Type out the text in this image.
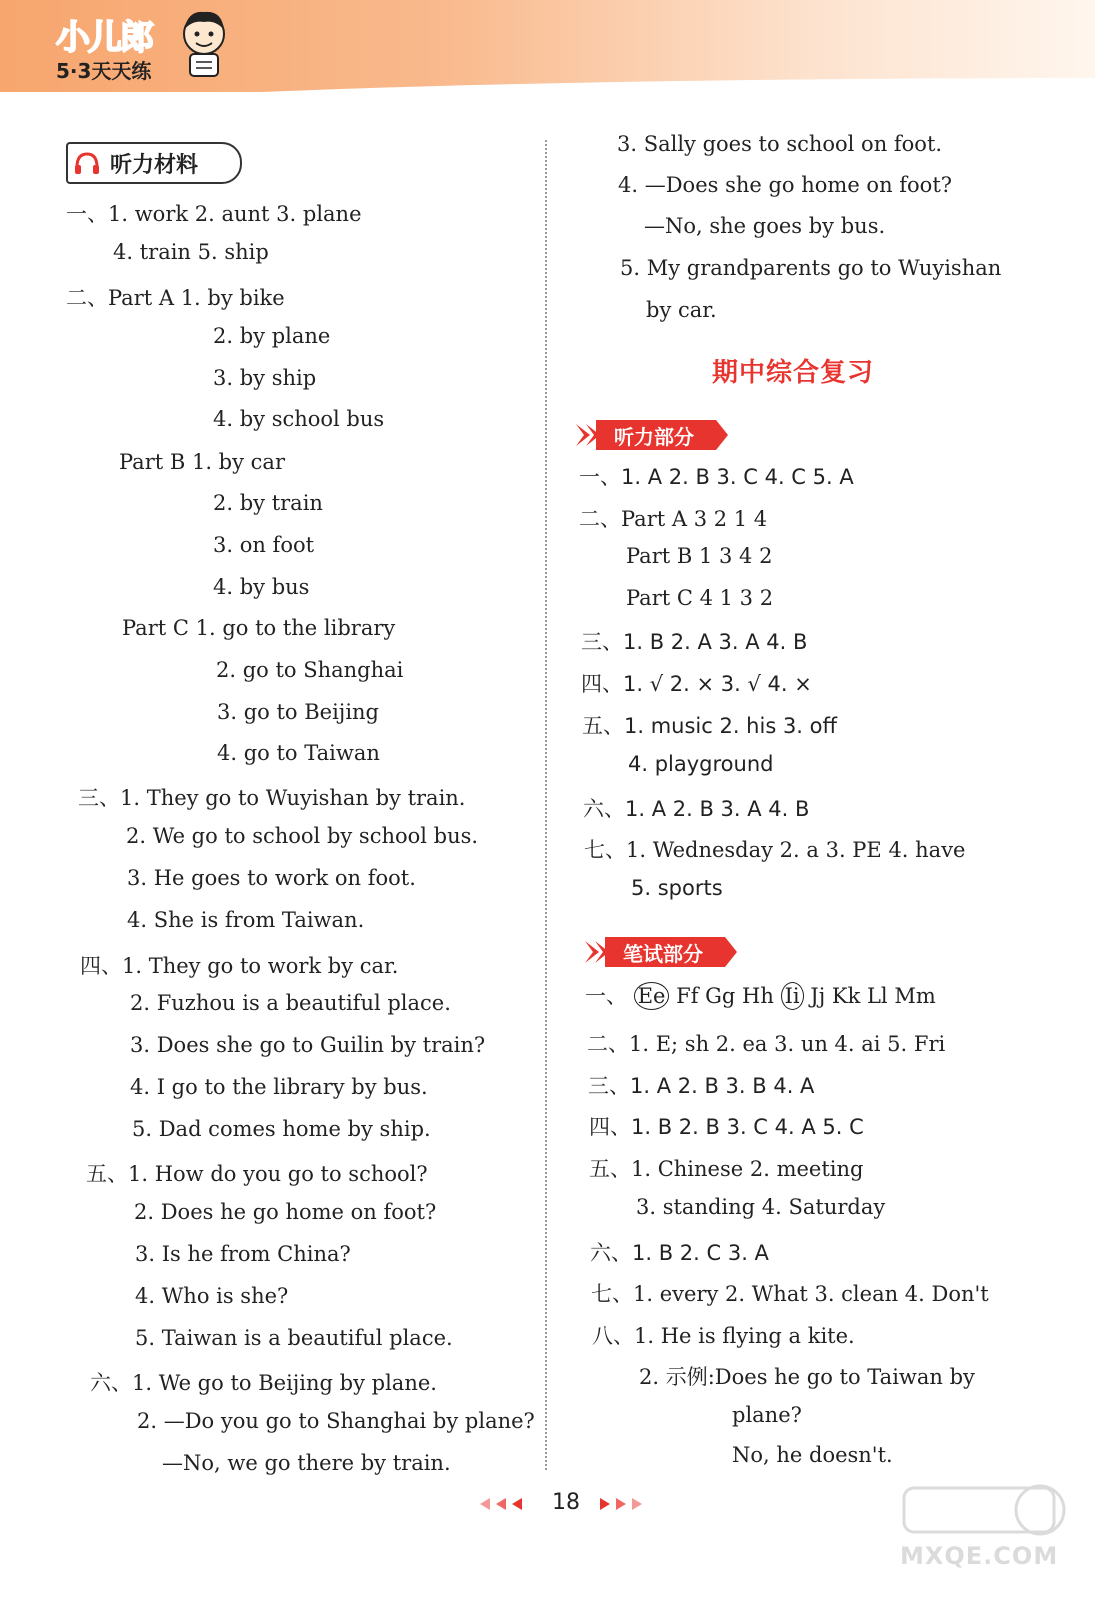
小儿郎
5·3天天练
听力材料
一、1. work 2. aunt 3. plane
4. train 5. ship
二、Part A 1. by bike
2. by plane
3. by ship
4. by school bus
Part B 1. by car
2. by train
3. on foot
4. by bus
Part C 1. go to the library
2. go to Shanghai
3. go to Beijing
4. go to Taiwan
三、1. They go to Wuyishan by train.
2. We go to school by school bus.
3. He goes to work on foot.
4. She is from Taiwan.
四、1. They go to work by car.
2. Fuzhou is a beautiful place.
3. Does she go to Guilin by train?
4. I go to the library by bus.
5. Dad comes home by ship.
五、1. How do you go to school?
2. Does he go home on foot?
3. Is he from China?
4. Who is she?
5. Taiwan is a beautiful place.
六、1. We go to Beijing by plane.
2. —Do you go to Shanghai by plane?
—No, we go there by train.
3. Sally goes to school on foot.
4. —Does she go home on foot?
—No, she goes by bus.
5. My grandparents go to Wuyishan
by car.
期中综合复习
听力部分
一、1. A 2. B 3. C 4. C 5. A
二、Part A 3 2 1 4
Part B 1 3 4 2
Part C 4 1 3 2
三、1. B 2. A 3. A 4. B
四、1. √ 2. × 3. √ 4. ×
五、1. music 2. his 3. off
4. playground
六、1. A 2. B 3. A 4. B
七、1. Wednesday 2. a 3. PE 4. have
5. sports
笔试部分
一、 Ee Ff Gg Hh Ii Jj Kk Ll Mm
二、1. E; sh 2. ea 3. un 4. ai 5. Fri
三、1. A 2. B 3. B 4. A
四、1. B 2. B 3. C 4. A 5. C
五、1. Chinese 2. meeting
3. standing 4. Saturday
六、1. B 2. C 3. A
七、1. every 2. What 3. clean 4. Don't
八、1. He is flying a kite.
2. 示例:Does he go to Taiwan by
plane?
No, he doesn't.
18
MXQE.COM
